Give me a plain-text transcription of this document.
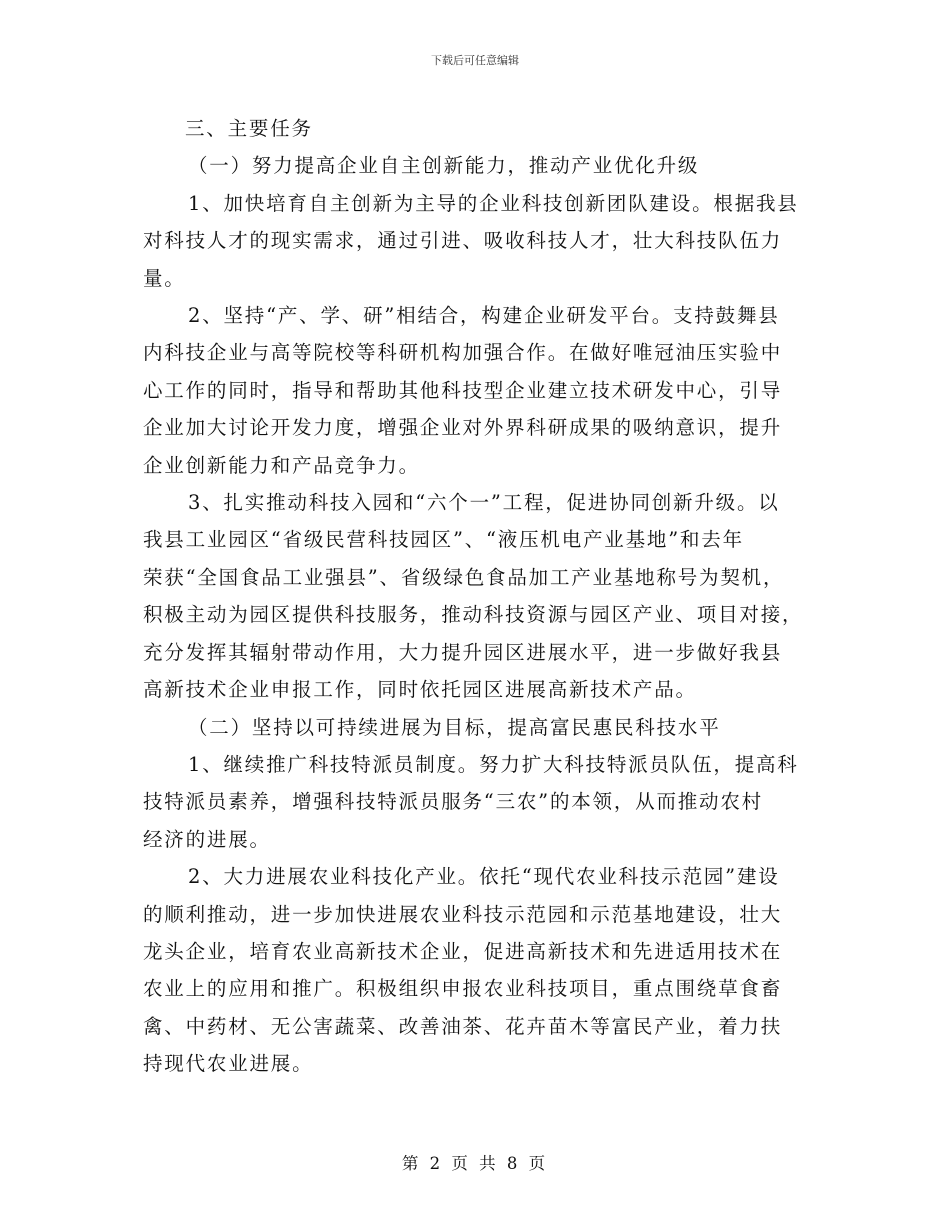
下载后可任意编辑

三、主要任务

（一）努力提高企业自主创新能力，推动产业优化升级

1、加快培育自主创新为主导的企业科技创新团队建设。根据我县

对科技人才的现实需求，通过引进、吸收科技人才，壮大科技队伍力

量。

2、坚持“产、学、研”相结合，构建企业研发平台。支持鼓舞县

内科技企业与高等院校等科研机构加强合作。在做好唯冠油压实验中

心工作的同时，指导和帮助其他科技型企业建立技术研发中心，引导

企业加大讨论开发力度，增强企业对外界科研成果的吸纳意识，提升

企业创新能力和产品竞争力。

3、扎实推动科技入园和“六个一”工程，促进协同创新升级。以

我县工业园区“省级民营科技园区”、“液压机电产业基地”和去年

荣获“全国食品工业强县”、省级绿色食品加工产业基地称号为契机，

积极主动为园区提供科技服务，推动科技资源与园区产业、项目对接，

充分发挥其辐射带动作用，大力提升园区进展水平，进一步做好我县

高新技术企业申报工作，同时依托园区进展高新技术产品。

（二）坚持以可持续进展为目标，提高富民惠民科技水平

1、继续推广科技特派员制度。努力扩大科技特派员队伍，提高科

技特派员素养，增强科技特派员服务“三农”的本领，从而推动农村

经济的进展。

2、大力进展农业科技化产业。依托“现代农业科技示范园”建设

的顺利推动，进一步加快进展农业科技示范园和示范基地建设，壮大

龙头企业，培育农业高新技术企业，促进高新技术和先进适用技术在

农业上的应用和推广。积极组织申报农业科技项目，重点围绕草食畜

禽、中药材、无公害蔬菜、改善油茶、花卉苗木等富民产业，着力扶

持现代农业进展。

第 2 页 共 8 页
